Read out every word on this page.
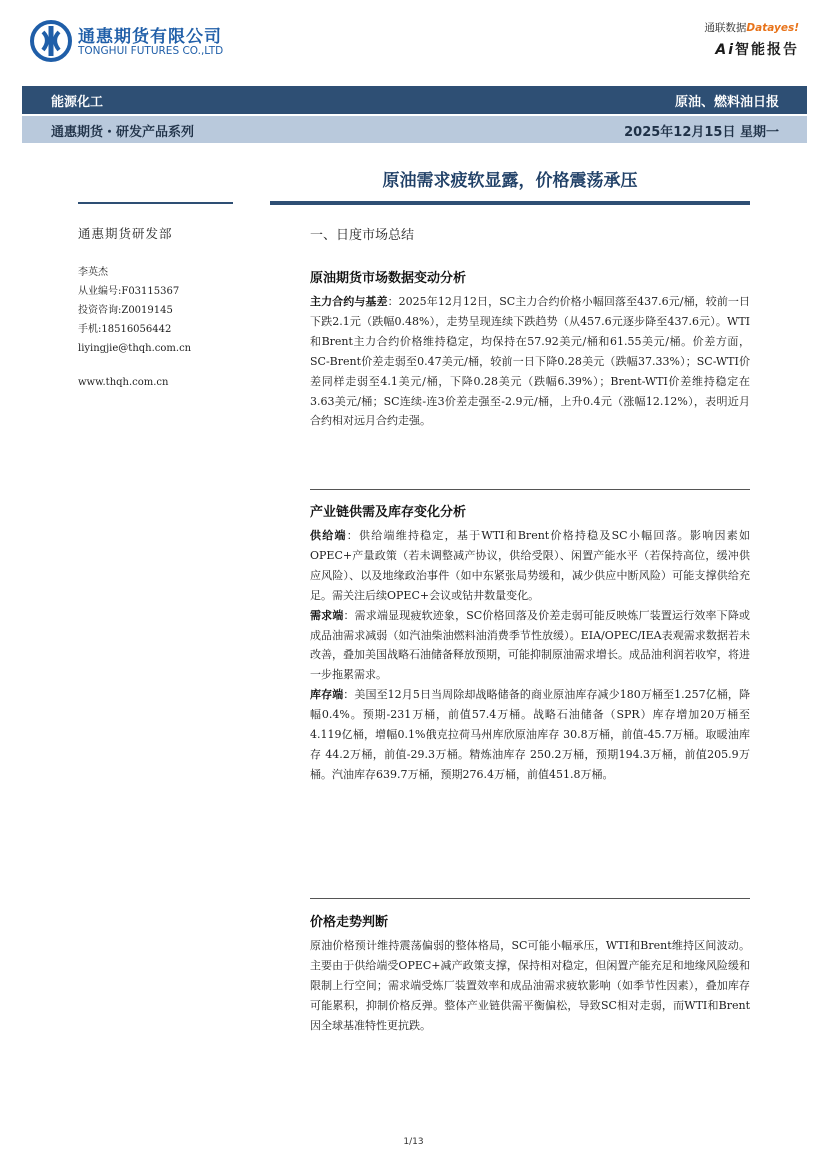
通惠期货有限公司
TONGHUI FUTURES CO.,LTD
通联数据Datayes!
Ai智能报告
能源化工	原油、燃料油日报
通惠期货・研发产品系列	2025年12月15日 星期一
原油需求疲软显露，价格震荡承压
通惠期货研发部
李英杰
从业编号:F03115367
投资咨询:Z0019145
手机:18516056442
liyingjie@thqh.com.cn
www.thqh.com.cn
一、日度市场总结
原油期货市场数据变动分析

主力合约与基差：2025年12月12日，SC主力合约价格小幅回落至437.6元/桶，较前一日下跌2.1元（跌幅0.48%），走势呈现连续下跌趋势（从457.6元逐步降至437.6元）。WTI和Brent主力合约价格维持稳定，均保持在57.92美元/桶和61.55美元/桶。价差方面，SC-Brent价差走弱至0.47美元/桶，较前一日下降0.28美元（跌幅37.33%）；SC-WTI价差同样走弱至4.1美元/桶，下降0.28美元（跌幅6.39%）；Brent-WTI价差维持稳定在3.63美元/桶；SC连续-连3价差走强至-2.9元/桶，上升0.4元（涨幅12.12%），表明近月合约相对远月合约走强。

产业链供需及库存变化分析

供给端：供给端维持稳定，基于WTI和Brent价格持稳及SC小幅回落。影响因素如OPEC+产量政策（若未调整减产协议，供给受限）、闲置产能水平（若保持高位，缓冲供应风险）、以及地缘政治事件（如中东紧张局势缓和，减少供应中断风险）可能支撑供给充足。需关注后续OPEC+会议或钻井数量变化。

需求端：需求端显现疲软迹象，SC价格回落及价差走弱可能反映炼厂装置运行效率下降或成品油需求减弱（如汽油柴油燃料油消费季节性放缓）。EIA/OPEC/IEA表观需求数据若未改善，叠加美国战略石油储备释放预期，可能抑制原油需求增长。成品油利润若收窄，将进一步拖累需求。

库存端：美国至12月5日当周除却战略储备的商业原油库存减少180万桶至1.257亿桶，降幅0.4%。预期-231万桶，前值57.4万桶。战略石油储备（SPR）库存增加20万桶至4.119亿桶，增幅0.1%俄克拉荷马州库欣原油库存 30.8万桶，前值-45.7万桶。取暖油库存 44.2万桶，前值-29.3万桶。精炼油库存 250.2万桶，预期194.3万桶，前值205.9万桶。汽油库存639.7万桶，预期276.4万桶，前值451.8万桶。

价格走势判断

原油价格预计维持震荡偏弱的整体格局，SC可能小幅承压，WTI和Brent维持区间波动。主要由于供给端受OPEC+减产政策支撑，保持相对稳定，但闲置产能充足和地缘风险缓和限制上行空间；需求端受炼厂装置效率和成品油需求疲软影响（如季节性因素），叠加库存可能累积，抑制价格反弹。整体产业链供需平衡偏松，导致SC相对走弱，而WTI和Brent因全球基准特性更抗跌。

1/13
